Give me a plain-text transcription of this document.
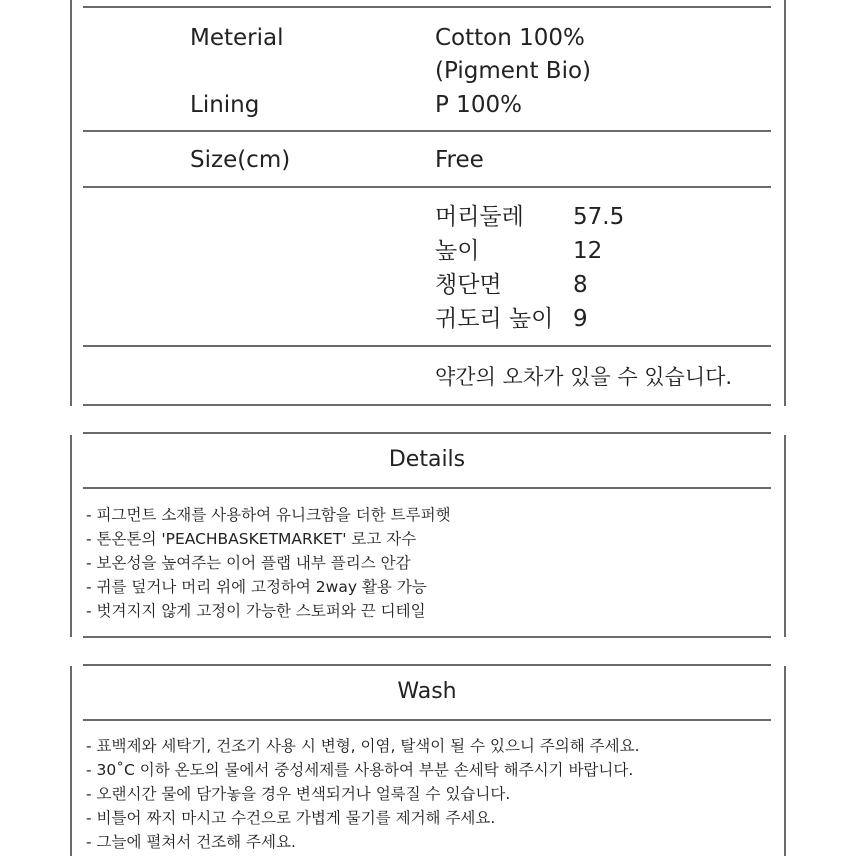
Meterial	Cotton 100%
(Pigment Bio)
Lining	P 100%
Size(cm)	Free
머리둘레 57.5
높이	12
챙단면	8
귀도리 높이 9
약간의 오차가 있을 수 있습니다.
Details
- 피그먼트 소재를 사용하여 유니크함을 더한 트루퍼햇
- 톤온톤의 'PEACHBASKETMARKET' 로고 자수
- 보온성을 높여주는 이어 플랩 내부 플리스 안감
- 귀를 덮거나 머리 위에 고정하여 2way 활용 가능
- 벗겨지지 않게 고정이 가능한 스토퍼와 끈 디테일
Wash
- 표백제와 세탁기, 건조기 사용 시 변형, 이염, 탈색이 될 수 있으니 주의해 주세요.
- 30˚C 이하 온도의 물에서 중성세제를 사용하여 부분 손세탁 해주시기 바랍니다.
- 오랜시간 물에 담가놓을 경우 변색되거나 얼룩질 수 있습니다.
- 비틀어 짜지 마시고 수건으로 가볍게 물기를 제거해 주세요.
- 그늘에 펼쳐서 건조해 주세요.
